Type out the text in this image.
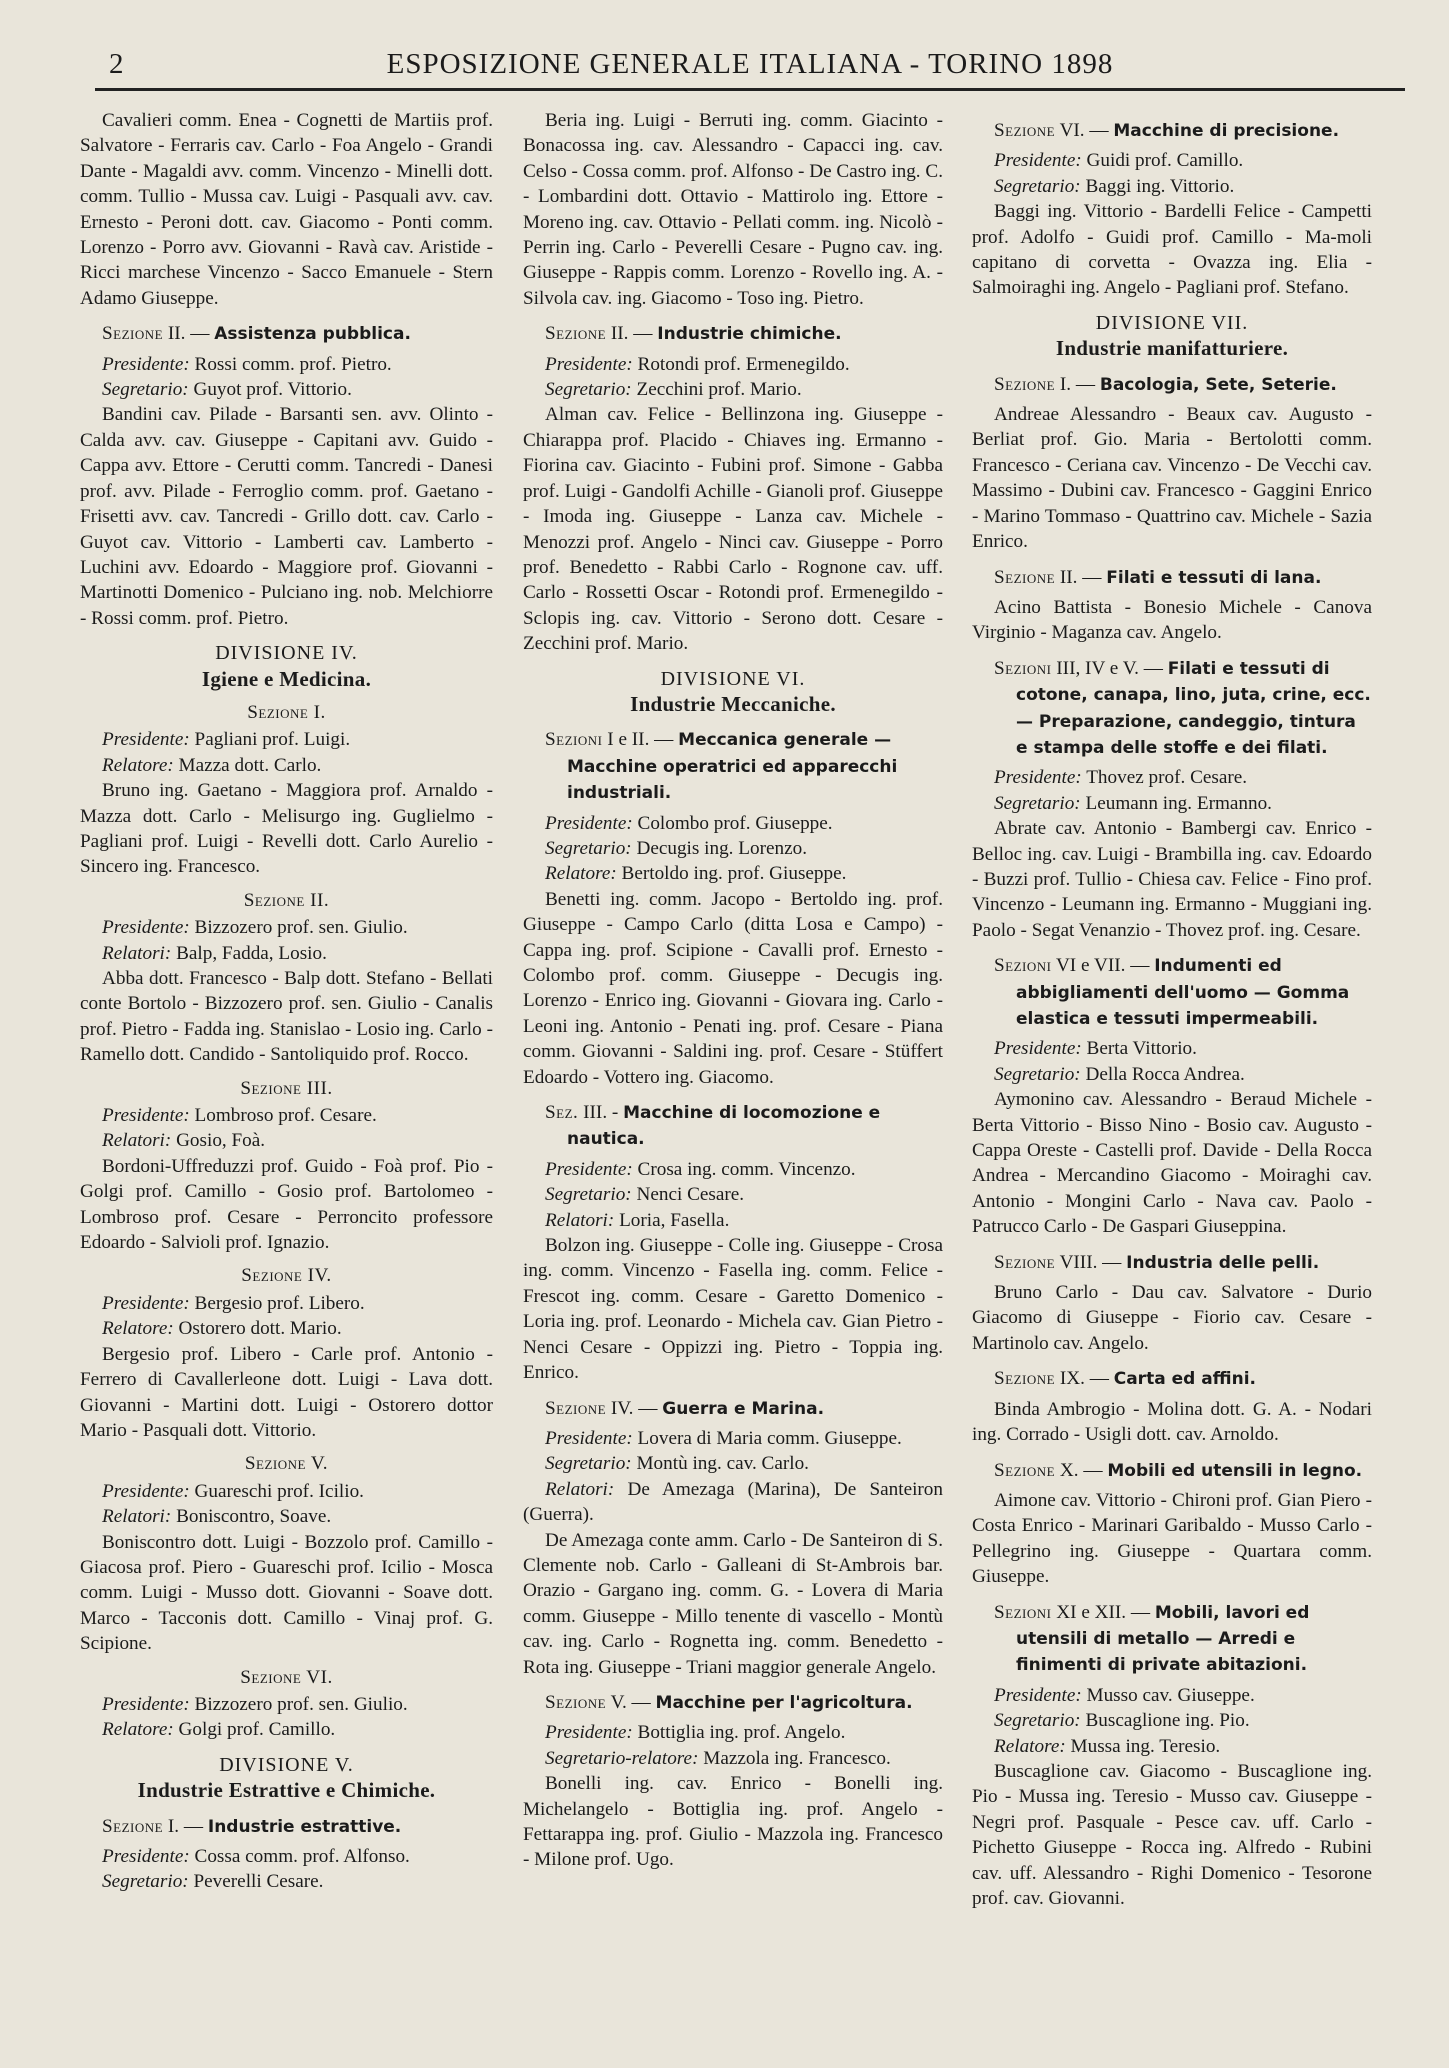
2	ESPOSIZIONE GENERALE ITALIANA - TORINO 1898

Cavalieri comm. Enea - Cognetti de Martiis prof. Salvatore - Ferraris cav. Carlo - Foa Angelo - Grandi Dante - Magaldi avv. comm. Vincenzo - Minelli dott. comm. Tullio - Mussa cav. Luigi - Pasquali avv. cav. Ernesto - Peroni dott. cav. Giacomo - Ponti comm. Lorenzo - Porro avv. Giovanni - Ravà cav. Aristide - Ricci marchese Vincenzo - Sacco Emanuele - Stern Adamo Giuseppe.

Sezione II. — Assistenza pubblica.

Presidente: Rossi comm. prof. Pietro.

Segretario: Guyot prof. Vittorio.

Bandini cav. Pilade - Barsanti sen. avv. Olinto - Calda avv. cav. Giuseppe - Capitani avv. Guido - Cappa avv. Ettore - Cerutti comm. Tancredi - Danesi prof. avv. Pilade - Ferroglio comm. prof. Gaetano - Frisetti avv. cav. Tancredi - Grillo dott. cav. Carlo - Guyot cav. Vittorio - Lamberti cav. Lamberto - Luchini avv. Edoardo - Maggiore prof. Giovanni - Martinotti Domenico - Pulciano ing. nob. Melchiorre - Rossi comm. prof. Pietro.

DIVISIONE IV.

Igiene e Medicina.

Sezione I.

Presidente: Pagliani prof. Luigi.

Relatore: Mazza dott. Carlo.

Bruno ing. Gaetano - Maggiora prof. Arnaldo - Mazza dott. Carlo - Melisurgo ing. Guglielmo - Pagliani prof. Luigi - Revelli dott. Carlo Aurelio - Sincero ing. Francesco.

Sezione II.

Presidente: Bizzozero prof. sen. Giulio.

Relatori: Balp, Fadda, Losio.

Abba dott. Francesco - Balp dott. Stefano - Bellati conte Bortolo - Bizzozero prof. sen. Giulio - Canalis prof. Pietro - Fadda ing. Stanislao - Losio ing. Carlo - Ramello dott. Candido - Santoliquido prof. Rocco.

Sezione III.

Presidente: Lombroso prof. Cesare.

Relatori: Gosio, Foà.

Bordoni-Uffreduzzi prof. Guido - Foà prof. Pio - Golgi prof. Camillo - Gosio prof. Bartolomeo - Lombroso prof. Cesare - Perroncito professore Edoardo - Salvioli prof. Ignazio.

Sezione IV.

Presidente: Bergesio prof. Libero.

Relatore: Ostorero dott. Mario.

Bergesio prof. Libero - Carle prof. Antonio - Ferrero di Cavallerleone dott. Luigi - Lava dott. Giovanni - Martini dott. Luigi - Ostorero dottor Mario - Pasquali dott. Vittorio.

Sezione V.

Presidente: Guareschi prof. Icilio.

Relatori: Boniscontro, Soave.

Boniscontro dott. Luigi - Bozzolo prof. Camillo - Giacosa prof. Piero - Guareschi prof. Icilio - Mosca comm. Luigi - Musso dott. Giovanni - Soave dott. Marco - Tacconis dott. Camillo - Vinaj prof. G. Scipione.

Sezione VI.

Presidente: Bizzozero prof. sen. Giulio.

Relatore: Golgi prof. Camillo.

DIVISIONE V.

Industrie Estrattive e Chimiche.

Sezione I. — Industrie estrattive.

Presidente: Cossa comm. prof. Alfonso.

Segretario: Peverelli Cesare.

Beria ing. Luigi - Berruti ing. comm. Giacinto - Bonacossa ing. cav. Alessandro - Capacci ing. cav. Celso - Cossa comm. prof. Alfonso - De Castro ing. C. - Lombardini dott. Ottavio - Mattirolo ing. Ettore - Moreno ing. cav. Ottavio - Pellati comm. ing. Nicolò - Perrin ing. Carlo - Peverelli Cesare - Pugno cav. ing. Giuseppe - Rappis comm. Lorenzo - Rovello ing. A. - Silvola cav. ing. Giacomo - Toso ing. Pietro.

Sezione II. — Industrie chimiche.

Presidente: Rotondi prof. Ermenegildo.

Segretario: Zecchini prof. Mario.

Alman cav. Felice - Bellinzona ing. Giuseppe - Chiarappa prof. Placido - Chiaves ing. Ermanno - Fiorina cav. Giacinto - Fubini prof. Simone - Gabba prof. Luigi - Gandolfi Achille - Gianoli prof. Giuseppe - Imoda ing. Giuseppe - Lanza cav. Michele - Menozzi prof. Angelo - Ninci cav. Giuseppe - Porro prof. Benedetto - Rabbi Carlo - Rognone cav. uff. Carlo - Rossetti Oscar - Rotondi prof. Ermenegildo - Sclopis ing. cav. Vittorio - Serono dott. Cesare - Zecchini prof. Mario.

DIVISIONE VI.

Industrie Meccaniche.

Sezioni I e II. — Meccanica generale — Macchine operatrici ed apparecchi industriali.

Presidente: Colombo prof. Giuseppe.

Segretario: Decugis ing. Lorenzo.

Relatore: Bertoldo ing. prof. Giuseppe.

Benetti ing. comm. Jacopo - Bertoldo ing. prof. Giuseppe - Campo Carlo (ditta Losa e Campo) - Cappa ing. prof. Scipione - Cavalli prof. Ernesto - Colombo prof. comm. Giuseppe - Decugis ing. Lorenzo - Enrico ing. Giovanni - Giovara ing. Carlo - Leoni ing. Antonio - Penati ing. prof. Cesare - Piana comm. Giovanni - Saldini ing. prof. Cesare - Stüffert Edoardo - Vottero ing. Giacomo.

Sez. III. - Macchine di locomozione e nautica.

Presidente: Crosa ing. comm. Vincenzo.

Segretario: Nenci Cesare.

Relatori: Loria, Fasella.

Bolzon ing. Giuseppe - Colle ing. Giuseppe - Crosa ing. comm. Vincenzo - Fasella ing. comm. Felice - Frescot ing. comm. Cesare - Garetto Domenico - Loria ing. prof. Leonardo - Michela cav. Gian Pietro - Nenci Cesare - Oppizzi ing. Pietro - Toppia ing. Enrico.

Sezione IV. — Guerra e Marina.

Presidente: Lovera di Maria comm. Giuseppe.

Segretario: Montù ing. cav. Carlo.

Relatori: De Amezaga (Marina), De Santeiron (Guerra).

De Amezaga conte amm. Carlo - De Santeiron di S. Clemente nob. Carlo - Galleani di St-Ambrois bar. Orazio - Gargano ing. comm. G. - Lovera di Maria comm. Giuseppe - Millo tenente di vascello - Montù cav. ing. Carlo - Rognetta ing. comm. Benedetto - Rota ing. Giuseppe - Triani maggior generale Angelo.

Sezione V. — Macchine per l'agricoltura.

Presidente: Bottiglia ing. prof. Angelo.

Segretario-relatore: Mazzola ing. Francesco.

Bonelli ing. cav. Enrico - Bonelli ing. Michelangelo - Bottiglia ing. prof. Angelo - Fettarappa ing. prof. Giulio - Mazzola ing. Francesco - Milone prof. Ugo.

Sezione VI. — Macchine di precisione.

Presidente: Guidi prof. Camillo.

Segretario: Baggi ing. Vittorio.

Baggi ing. Vittorio - Bardelli Felice - Campetti prof. Adolfo - Guidi prof. Camillo - Ma-moli capitano di corvetta - Ovazza ing. Elia - Salmoiraghi ing. Angelo - Pagliani prof. Stefano.

DIVISIONE VII.

Industrie manifatturiere.

Sezione I. — Bacologia, Sete, Seterie.

Andreae Alessandro - Beaux cav. Augusto - Berliat prof. Gio. Maria - Bertolotti comm. Francesco - Ceriana cav. Vincenzo - De Vecchi cav. Massimo - Dubini cav. Francesco - Gaggini Enrico - Marino Tommaso - Quattrino cav. Michele - Sazia Enrico.

Sezione II. — Filati e tessuti di lana.

Acino Battista - Bonesio Michele - Canova Virginio - Maganza cav. Angelo.

Sezioni III, IV e V. — Filati e tessuti di cotone, canapa, lino, juta, crine, ecc. — Preparazione, candeggio, tintura e stampa delle stoffe e dei filati.

Presidente: Thovez prof. Cesare.

Segretario: Leumann ing. Ermanno.

Abrate cav. Antonio - Bambergi cav. Enrico - Belloc ing. cav. Luigi - Brambilla ing. cav. Edoardo - Buzzi prof. Tullio - Chiesa cav. Felice - Fino prof. Vincenzo - Leumann ing. Ermanno - Muggiani ing. Paolo - Segat Venanzio - Thovez prof. ing. Cesare.

Sezioni VI e VII. — Indumenti ed abbigliamenti dell'uomo — Gomma elastica e tessuti impermeabili.

Presidente: Berta Vittorio.

Segretario: Della Rocca Andrea.

Aymonino cav. Alessandro - Beraud Michele - Berta Vittorio - Bisso Nino - Bosio cav. Augusto - Cappa Oreste - Castelli prof. Davide - Della Rocca Andrea - Mercandino Giacomo - Moiraghi cav. Antonio - Mongini Carlo - Nava cav. Paolo - Patrucco Carlo - De Gaspari Giuseppina.

Sezione VIII. — Industria delle pelli.

Bruno Carlo - Dau cav. Salvatore - Durio Giacomo di Giuseppe - Fiorio cav. Cesare - Martinolo cav. Angelo.

Sezione IX. — Carta ed affini.

Binda Ambrogio - Molina dott. G. A. - Nodari ing. Corrado - Usigli dott. cav. Arnoldo.

Sezione X. — Mobili ed utensili in legno.

Aimone cav. Vittorio - Chironi prof. Gian Piero - Costa Enrico - Marinari Garibaldo - Musso Carlo - Pellegrino ing. Giuseppe - Quartara comm. Giuseppe.

Sezioni XI e XII. — Mobili, lavori ed utensili di metallo — Arredi e finimenti di private abitazioni.

Presidente: Musso cav. Giuseppe.

Segretario: Buscaglione ing. Pio.

Relatore: Mussa ing. Teresio.

Buscaglione cav. Giacomo - Buscaglione ing. Pio - Mussa ing. Teresio - Musso cav. Giuseppe - Negri prof. Pasquale - Pesce cav. uff. Carlo - Pichetto Giuseppe - Rocca ing. Alfredo - Rubini cav. uff. Alessandro - Righi Domenico - Tesorone prof. cav. Giovanni.
